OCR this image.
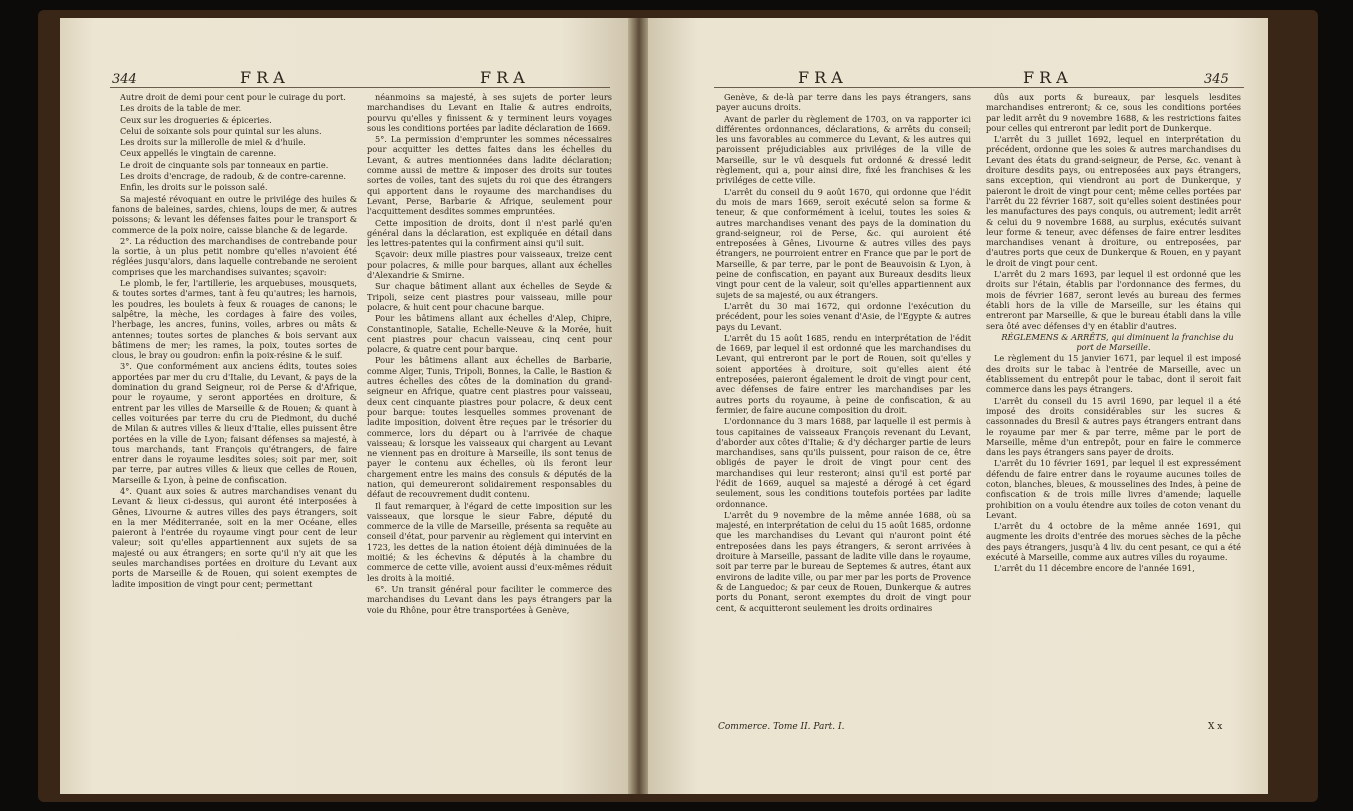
344	FRA	FRA

Autre droit de demi pour cent pour le cuirage du port.

Les droits de la table de mer.

Ceux sur les drogueries & épiceries.

Celui de soixante sols pour quintal sur les aluns.

Les droits sur la millerolle de miel & d'huile.

Ceux appellés le vingtain de carenne.

Le droit de cinquante sols par tonneaux en partie.

Les droits d'encrage, de radoub, & de contre-carenne.

Enfin, les droits sur le poisson salé.

Sa majesté révoquant en outre le privilége des huiles & fanons de baleines, sardes, chiens, loups de mer, & autres poissons; & levant les défenses faites pour le transport & commerce de la poix noire, caisse blanche & de legarde.

2°. La réduction des marchandises de contrebande pour la sortie, à un plus petit nombre qu'elles n'avoient été réglées jusqu'alors, dans laquelle contrebande ne seroient comprises que les marchandises suivantes; sçavoir:

Le plomb, le fer, l'artillerie, les arquebuses, mousquets, & toutes sortes d'armes, tant à feu qu'autres; les harnois, les poudres, les boulets à feux & rouages de canons; le salpêtre, la mèche, les cordages à faire des voiles, l'herbage, les ancres, funins, voiles, arbres ou mâts & antennes; toutes sortes de planches & bois servant aux bâtimens de mer; les rames, la poix, toutes sortes de clous, le bray ou goudron: enfin la poix-résine & le suif.

3°. Que conformément aux anciens édits, toutes soies apportées par mer du cru d'Italie, du Levant, & pays de la domination du grand Seigneur, roi de Perse & d'Afrique, pour le royaume, y seront apportées en droiture, & entrent par les villes de Marseille & de Rouen; & quant à celles voiturées par terre du cru de Piedmont, du duché de Milan & autres villes & lieux d'Italie, elles puissent être portées en la ville de Lyon; faisant défenses sa majesté, à tous marchands, tant François qu'étrangers, de faire entrer dans le royaume lesdites soies; soit par mer, soit par terre, par autres villes & lieux que celles de Rouen, Marseille & Lyon, à peine de confiscation.

4°. Quant aux soies & autres marchandises venant du Levant & lieux ci-dessus, qui auront été interposées à Gênes, Livourne & autres villes des pays étrangers, soit en la mer Méditerranée, soit en la mer Océane, elles paieront à l'entrée du royaume vingt pour cent de leur valeur; soit qu'elles appartiennent aux sujets de sa majesté ou aux étrangers; en sorte qu'il n'y ait que les seules marchandises portées en droiture du Levant aux ports de Marseille & de Rouen, qui soient exemptes de ladite imposition de vingt pour cent; permettant

néanmoins sa majesté, à ses sujets de porter leurs marchandises du Levant en Italie & autres endroits, pourvu qu'elles y finissent & y terminent leurs voyages sous les conditions portées par ladite déclaration de 1669.

5°. La permission d'emprunter les sommes nécessaires pour acquitter les dettes faites dans les échelles du Levant, & autres mentionnées dans ladite déclaration; comme aussi de mettre & imposer des droits sur toutes sortes de voiles, tant des sujets du roi que des étrangers qui apportent dans le royaume des marchandises du Levant, Perse, Barbarie & Afrique, seulement pour l'acquittement desdites sommes empruntées.

Cette imposition de droits, dont il n'est parlé qu'en général dans la déclaration, est expliquée en détail dans les lettres-patentes qui la confirment ainsi qu'il suit.

Sçavoir: deux mille piastres pour vaisseaux, treize cent pour polacres, & mille pour barques, allant aux échelles d'Alexandrie & Smirne.

Sur chaque bâtiment allant aux échelles de Seyde & Tripoli, seize cent piastres pour vaisseau, mille pour polacre, & huit cent pour chacune barque.

Pour les bâtimens allant aux échelles d'Alep, Chipre, Constantinople, Satalie, Echelle-Neuve & la Morée, huit cent piastres pour chacun vaisseau, cinq cent pour polacre, & quatre cent pour barque.

Pour les bâtimens allant aux échelles de Barbarie, comme Alger, Tunis, Tripoli, Bonnes, la Calle, le Bastion & autres échelles des côtes de la domination du grand-seigneur en Afrique, quatre cent piastres pour vaisseau, deux cent cinquante piastres pour polacre, & deux cent pour barque: toutes lesquelles sommes provenant de ladite imposition, doivent être reçues par le trésorier du commerce, lors du départ ou à l'arrivée de chaque vaisseau; & lorsque les vaisseaux qui chargent au Levant ne viennent pas en droiture à Marseille, ils sont tenus de payer le contenu aux échelles, où ils feront leur chargement entre les mains des consuls & députés de la nation, qui demeureront solidairement responsables du défaut de recouvrement dudit contenu.

Il faut remarquer, à l'égard de cette imposition sur les vaisseaux, que lorsque le sieur Fabre, député du commerce de la ville de Marseille, présenta sa requête au conseil d'état, pour parvenir au règlement qui intervint en 1723, les dettes de la nation étoient déjà diminuées de la moitié; & les échevins & députés à la chambre du commerce de cette ville, avoient aussi d'eux-mêmes réduit les droits à la moitié.

6°. Un transit général pour faciliter le commerce des marchandises du Levant dans les pays étrangers par la voie du Rhône, pour être transportées à Genève,

FRA	FRA	345

Genève, & de-là par terre dans les pays étrangers, sans payer aucuns droits.

Avant de parler du règlement de 1703, on va rapporter ici différentes ordonnances, déclarations, & arrêts du conseil; les uns favorables au commerce du Levant, & les autres qui paroissent préjudiciables aux priviléges de la ville de Marseille, sur le vû desquels fut ordonné & dressé ledit règlement, qui a, pour ainsi dire, fixé les franchises & les priviléges de cette ville.

L'arrêt du conseil du 9 août 1670, qui ordonne que l'édit du mois de mars 1669, seroit exécuté selon sa forme & teneur, & que conformément à icelui, toutes les soies & autres marchandises venant des pays de la domination du grand-seigneur, roi de Perse, &c. qui auroient été entreposées à Gênes, Livourne & autres villes des pays étrangers, ne pourroient entrer en France que par le port de Marseille, & par terre, par le pont de Beauvoisin & Lyon, à peine de confiscation, en payant aux Bureaux desdits lieux vingt pour cent de la valeur, soit qu'elles appartiennent aux sujets de sa majesté, ou aux étrangers.

L'arrêt du 30 mai 1672, qui ordonne l'exécution du précédent, pour les soies venant d'Asie, de l'Egypte & autres pays du Levant.

L'arrêt du 15 août 1685, rendu en interprétation de l'édit de 1669, par lequel il est ordonné que les marchandises du Levant, qui entreront par le port de Rouen, soit qu'elles y soient apportées à droiture, soit qu'elles aient été entreposées, paieront également le droit de vingt pour cent, avec défenses de faire entrer les marchandises par les autres ports du royaume, à peine de confiscation, & au fermier, de faire aucune composition du droit.

L'ordonnance du 3 mars 1688, par laquelle il est permis à tous capitaines de vaisseaux François revenant du Levant, d'aborder aux côtes d'Italie; & d'y décharger partie de leurs marchandises, sans qu'ils puissent, pour raison de ce, être obligés de payer le droit de vingt pour cent des marchandises qui leur resteront; ainsi qu'il est porté par l'édit de 1669, auquel sa majesté a dérogé à cet égard seulement, sous les conditions toutefois portées par ladite ordonnance.

L'arrêt du 9 novembre de la même année 1688, où sa majesté, en interprétation de celui du 15 août 1685, ordonne que les marchandises du Levant qui n'auront point été entreposées dans les pays étrangers, & seront arrivées à droiture à Marseille, passant de ladite ville dans le royaume, soit par terre par le bureau de Septemes & autres, étant aux environs de ladite ville, ou par mer par les ports de Provence & de Languedoc; & par ceux de Rouen, Dunkerque & autres ports du Ponant, seront exemptes du droit de vingt pour cent, & acquitteront seulement les droits ordinaires

dûs aux ports & bureaux, par lesquels lesdites marchandises entreront; & ce, sous les conditions portées par ledit arrêt du 9 novembre 1688, & les restrictions faites pour celles qui entreront par ledit port de Dunkerque.

L'arrêt du 3 juillet 1692, lequel en interprétation du précédent, ordonne que les soies & autres marchandises du Levant des états du grand-seigneur, de Perse, &c. venant à droiture desdits pays, ou entreposées aux pays étrangers, sans exception, qui viendront au port de Dunkerque, y paieront le droit de vingt pour cent; même celles portées par l'arrêt du 22 février 1687, soit qu'elles soient destinées pour les manufactures des pays conquis, ou autrement; ledit arrêt & celui du 9 novembre 1688, au surplus, exécutés suivant leur forme & teneur, avec défenses de faire entrer lesdites marchandises venant à droiture, ou entreposées, par d'autres ports que ceux de Dunkerque & Rouen, en y payant le droit de vingt pour cent.

L'arrêt du 2 mars 1693, par lequel il est ordonné que les droits sur l'étain, établis par l'ordonnance des fermes, du mois de février 1687, seront levés au bureau des fermes établi hors de la ville de Marseille, sur les étains qui entreront par Marseille, & que le bureau établi dans la ville sera ôté avec défenses d'y en établir d'autres.

RÉGLEMENS & ARRÊTS, qui diminuent la franchise du port de Marseille.

Le règlement du 15 janvier 1671, par lequel il est imposé des droits sur le tabac à l'entrée de Marseille, avec un établissement du entrepôt pour le tabac, dont il seroit fait commerce dans les pays étrangers.

L'arrêt du conseil du 15 avril 1690, par lequel il a été imposé des droits considérables sur les sucres & cassonnades du Bresil & autres pays étrangers entrant dans le royaume par mer & par terre, même par le port de Marseille, même d'un entrepôt, pour en faire le commerce dans les pays étrangers sans payer de droits.

L'arrêt du 10 février 1691, par lequel il est expressément défendu de faire entrer dans le royaume aucunes toiles de coton, blanches, bleues, & mousselines des Indes, à peine de confiscation & de trois mille livres d'amende; laquelle prohibition on a voulu étendre aux toiles de coton venant du Levant.

L'arrêt du 4 octobre de la même année 1691, qui augmente les droits d'entrée des morues sèches de la pêche des pays étrangers, jusqu'à 4 liv. du cent pesant, ce qui a été exécuté à Marseille, comme aux autres villes du royaume.

L'arrêt du 11 décembre encore de l'année 1691,

Commerce. Tome II. Part. I.	X x
